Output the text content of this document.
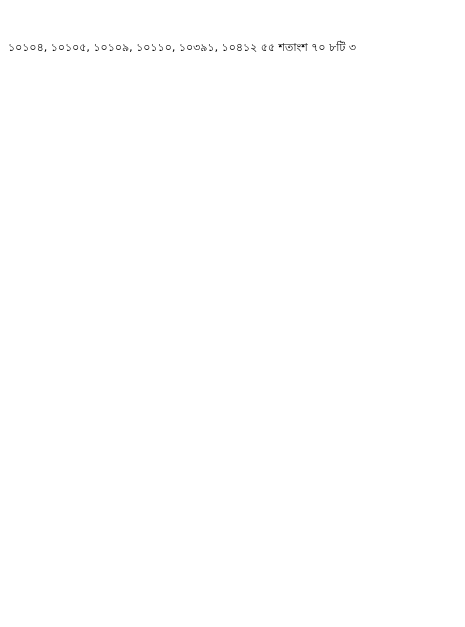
১০১০৪, ১০১০৫, ১০১০৯, ১০১১০, ১০৩৯১, ১০৪১২ ৫৫ শতাংশ ৭০ ৮টি ৩
